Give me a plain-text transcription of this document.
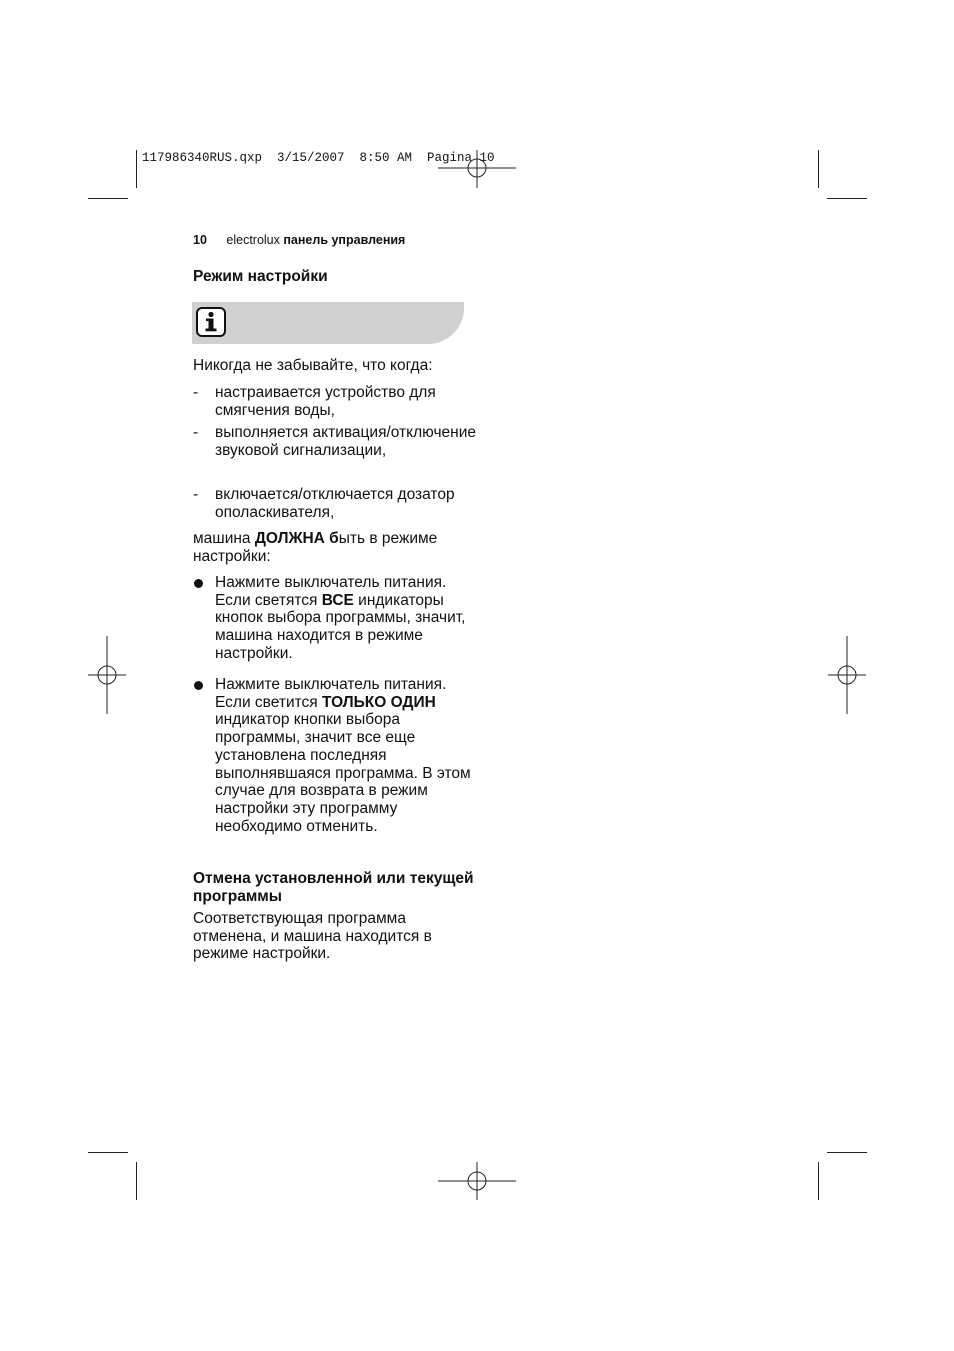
117986340RUS.qxp  3/15/2007  8:50 AM  Pagina 10
10 electrolux панель управления
Режим настройки
Никогда не забывайте, что когда:
- настраивается устройство для смягчения воды,
- выполняется активация/отключение звуковой сигнализации,
- включается/отключается дозатор ополаскивателя,
машина ДОЛЖНА быть в режиме настройки:
Нажмите выключатель питания. Если светятся ВСЕ индикаторы кнопок выбора программы, значит, машина находится в режиме настройки.
Нажмите выключатель питания. Если светится ТОЛЬКО ОДИН индикатор кнопки выбора программы, значит все еще установлена последняя выполнявшаяся программа. В этом случае для возврата в режим настройки эту программу необходимо отменить.
Отмена установленной или текущей программы
Соответствующая программа отменена, и машина находится в режиме настройки.
